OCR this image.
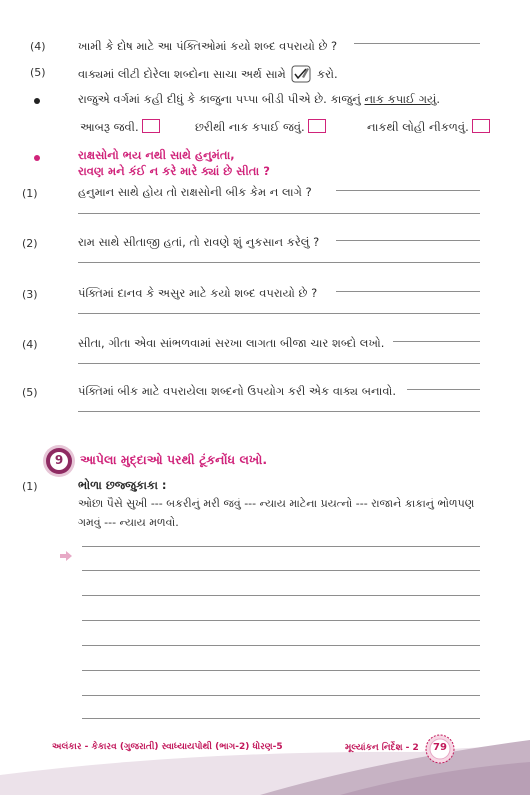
(4)	ખામી કે દોષ માટે આ પંક્તિઓમાં કયો શબ્દ વપરાયો છે ?
(5)	વાક્યમાં લીટી દોરેલા શબ્દોના સાચા અર્થ સામે	કરો.
રાજુએ વર્ગમાં કહી દીધું કે કાજુના પપ્પા બીડી પીએ છે. કાજુનું નાક કપાઈ ગયું.
આબરૂ જવી.	છરીથી નાક કપાઈ જવું.	નાકથી લોહી નીકળવું.
રાક્ષસોનો ભય નથી સાથે હનુમંતા,
રાવણ મને કંઈ ન કરે મારે ક્યાં છે સીતા ?
(1)	હનુમાન સાથે હોય તો રાક્ષસોની બીક કેમ ન લાગે ?
(2)	રામ સાથે સીતાજી હતાં, તો રાવણે શું નુકસાન કરેલું ?
(3)	પંક્તિમાં દાનવ કે અસુર માટે કયો શબ્દ વપરાયો છે ?
(4)	સીતા, ગીતા એવા સાંભળવામાં સરખા લાગતા બીજા ચાર શબ્દો લખો.
(5)	પંક્તિમાં બીક માટે વપરાયેલા શબ્દનો ઉપયોગ કરી એક વાક્ય બનાવો.
9	આપેલા મુદ્દાઓ પરથી ટૂંકનોંધ લખો.
(1)	ભોળા છજ્જુકાકા :
ઓછા પૈસે સુખી --- બકરીનું મરી જવું --- ન્યાય માટેના પ્રયત્નો --- રાજાને કાકાનું ભોળપણ
ગમવું --- ન્યાય મળવો.
અલંકાર - કેકારવ (ગુજરાતી) સ્વાધ્યાયપોથી (ભાગ-2) ધોરણ-5	મૂલ્યાંકન નિર્દેશ - 2	79
